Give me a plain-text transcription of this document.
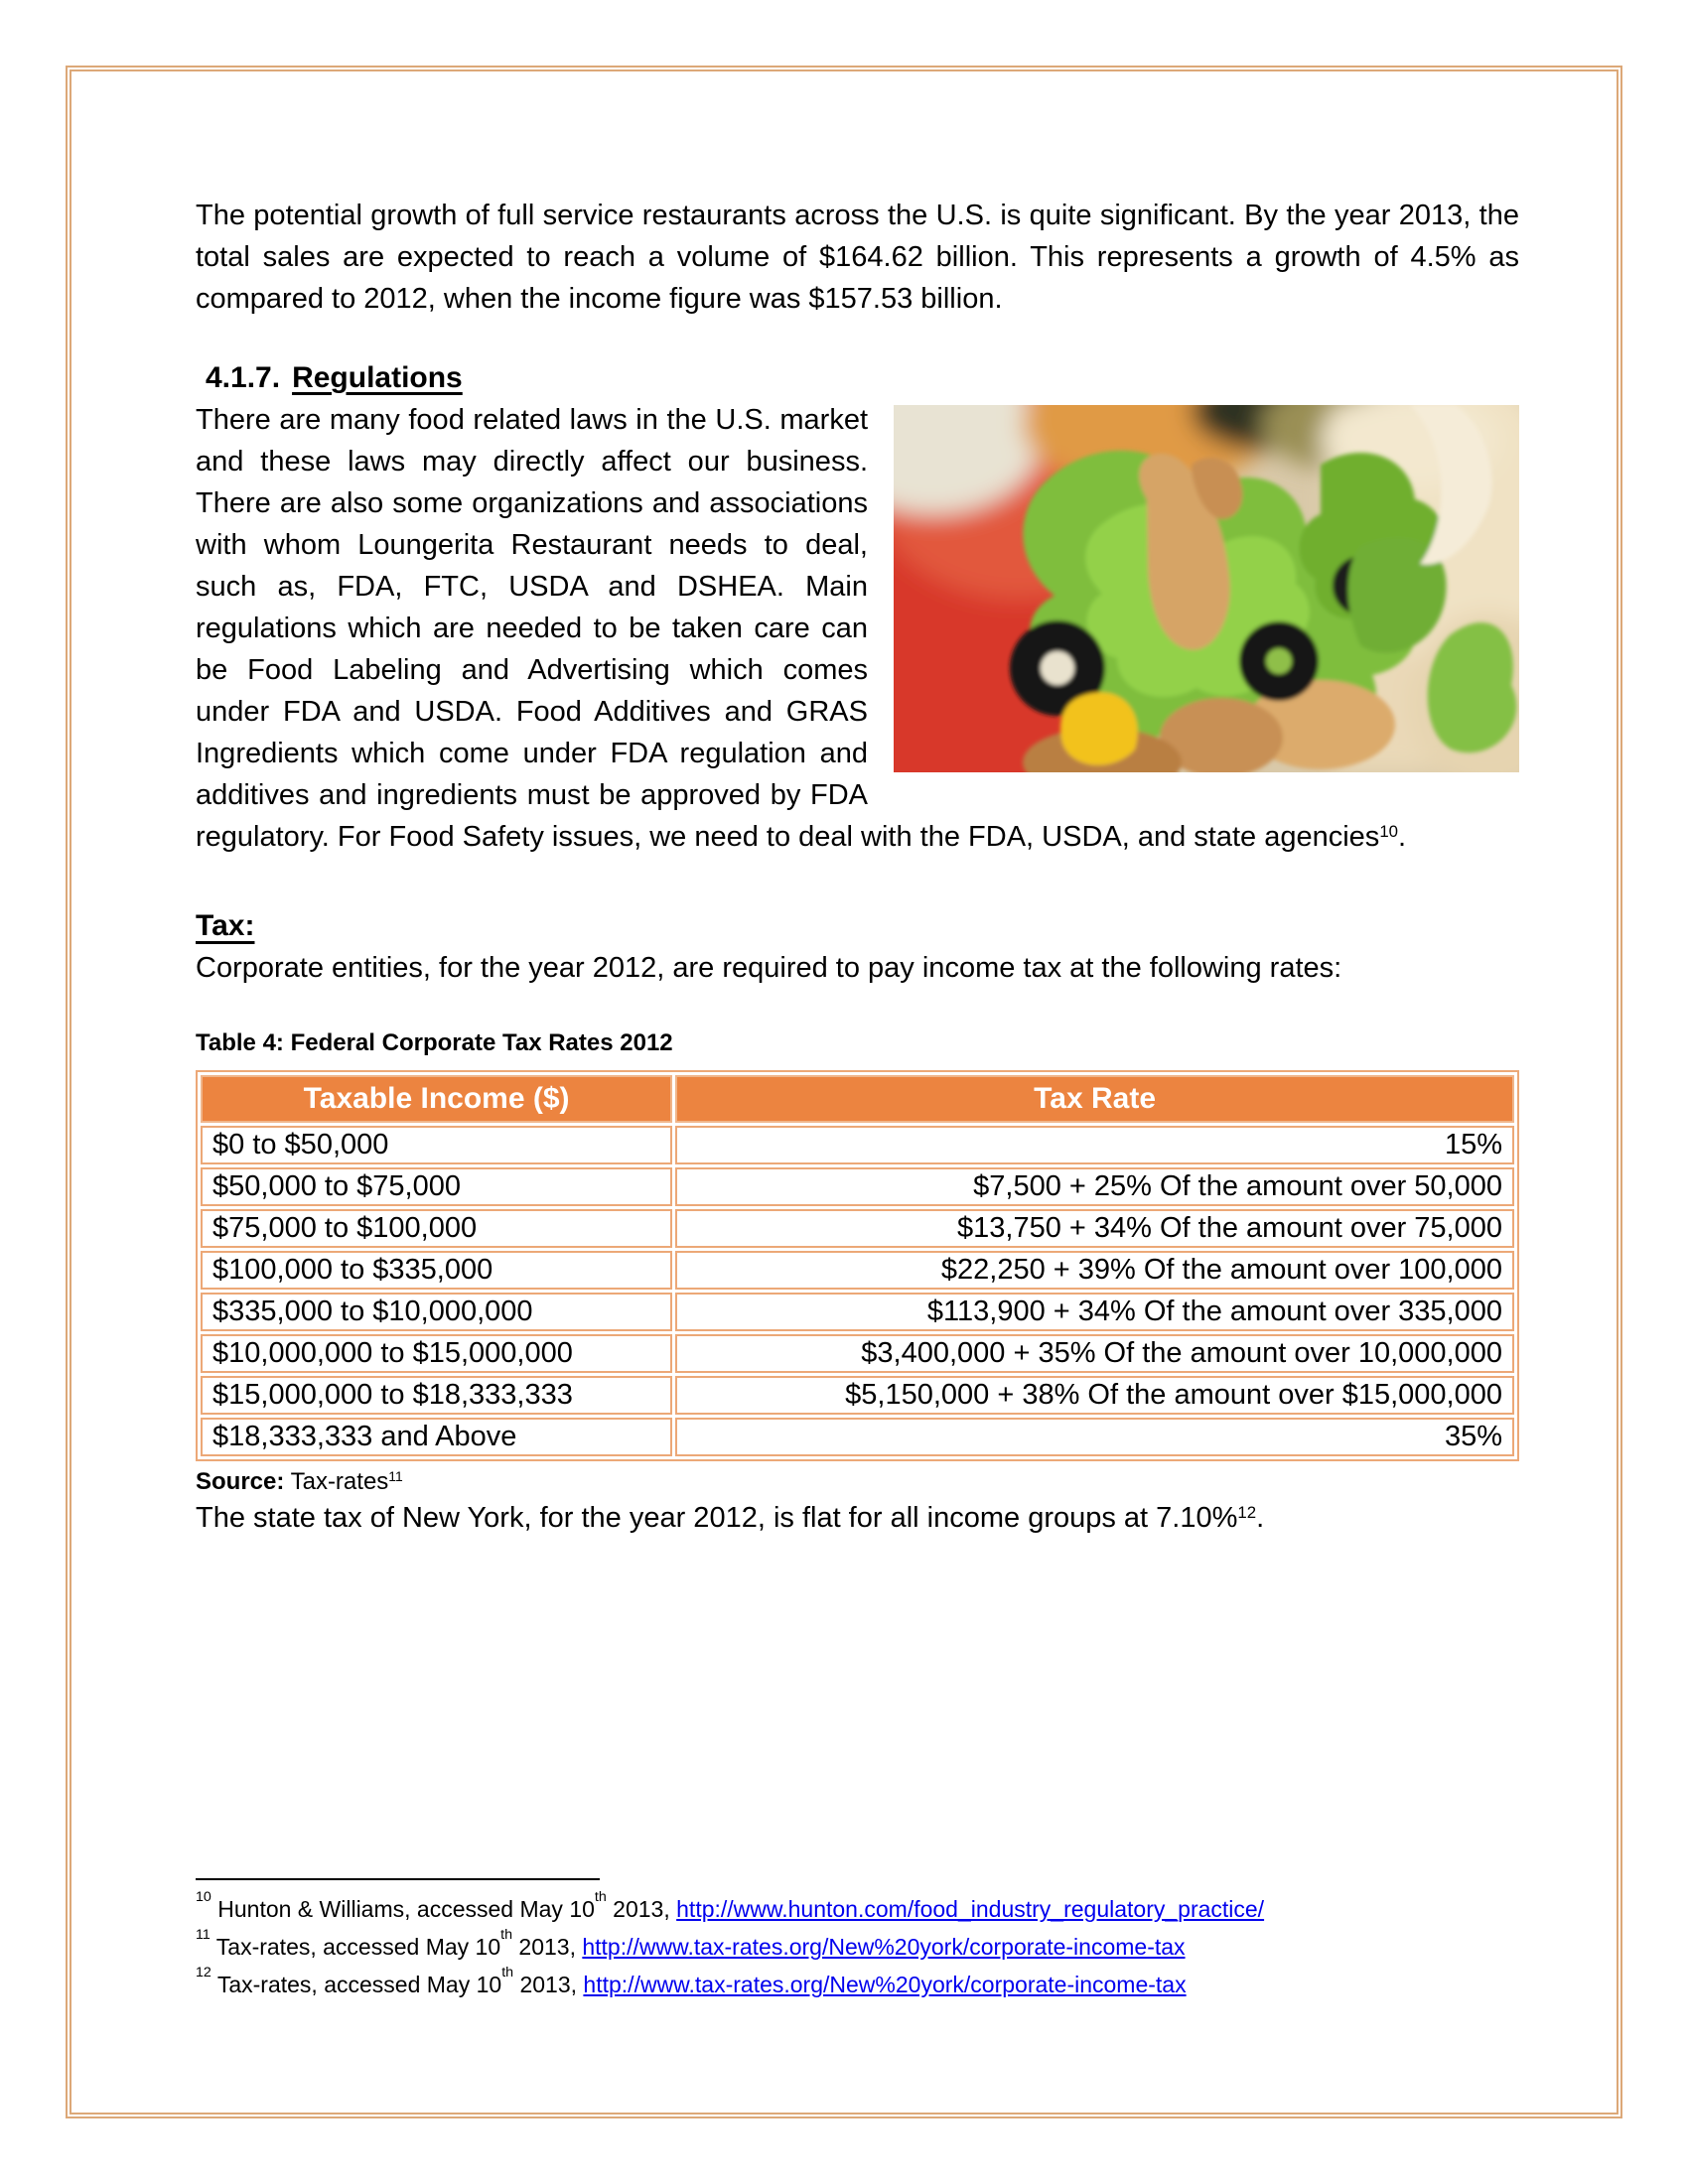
The potential growth of full service restaurants across the U.S. is quite significant. By the year 2013, the total sales are expected to reach a volume of $164.62 billion. This represents a growth of 4.5% as compared to 2012, when the income figure was $157.53 billion.

4.1.7. Regulations

There are many food related laws in the U.S. market and these laws may directly affect our business. There are also some organizations and associations with whom Loungerita Restaurant needs to deal, such as, FDA, FTC, USDA and DSHEA. Main regulations which are needed to be taken care can be Food Labeling and Advertising which comes under FDA and USDA. Food Additives and GRAS Ingredients which come under FDA regulation and additives and ingredients must be approved by FDA regulatory. For Food Safety issues, we need to deal with the FDA, USDA, and state agencies$^{10}$.

Tax:

Corporate entities, for the year 2012, are required to pay income tax at the following rates:

Table 4: Federal Corporate Tax Rates 2012
Taxable Income ($)	Tax Rate
$0 to $50,000	15%
$50,000 to $75,000	$7,500 + 25% Of the amount over 50,000
$75,000 to $100,000	$13,750 + 34% Of the amount over 75,000
$100,000 to $335,000	$22,250 + 39% Of the amount over 100,000
$335,000 to $10,000,000	$113,900 + 34% Of the amount over 335,000
$10,000,000 to $15,000,000	$3,400,000 + 35% Of the amount over 10,000,000
$15,000,000 to $18,333,333	$5,150,000 + 38% Of the amount over $15,000,000
$18,333,333 and Above	35%
Source: Tax-rates$^{11}$

The state tax of New York, for the year 2012, is flat for all income groups at 7.10%$^{12}$.

$^{10}$ Hunton & Williams, accessed May 10th 2013, http://www.hunton.com/food_industry_regulatory_practice/
$^{11}$ Tax-rates, accessed May 10th 2013, http://www.tax-rates.org/New%20york/corporate-income-tax
$^{12}$ Tax-rates, accessed May 10th 2013, http://www.tax-rates.org/New%20york/corporate-income-tax
